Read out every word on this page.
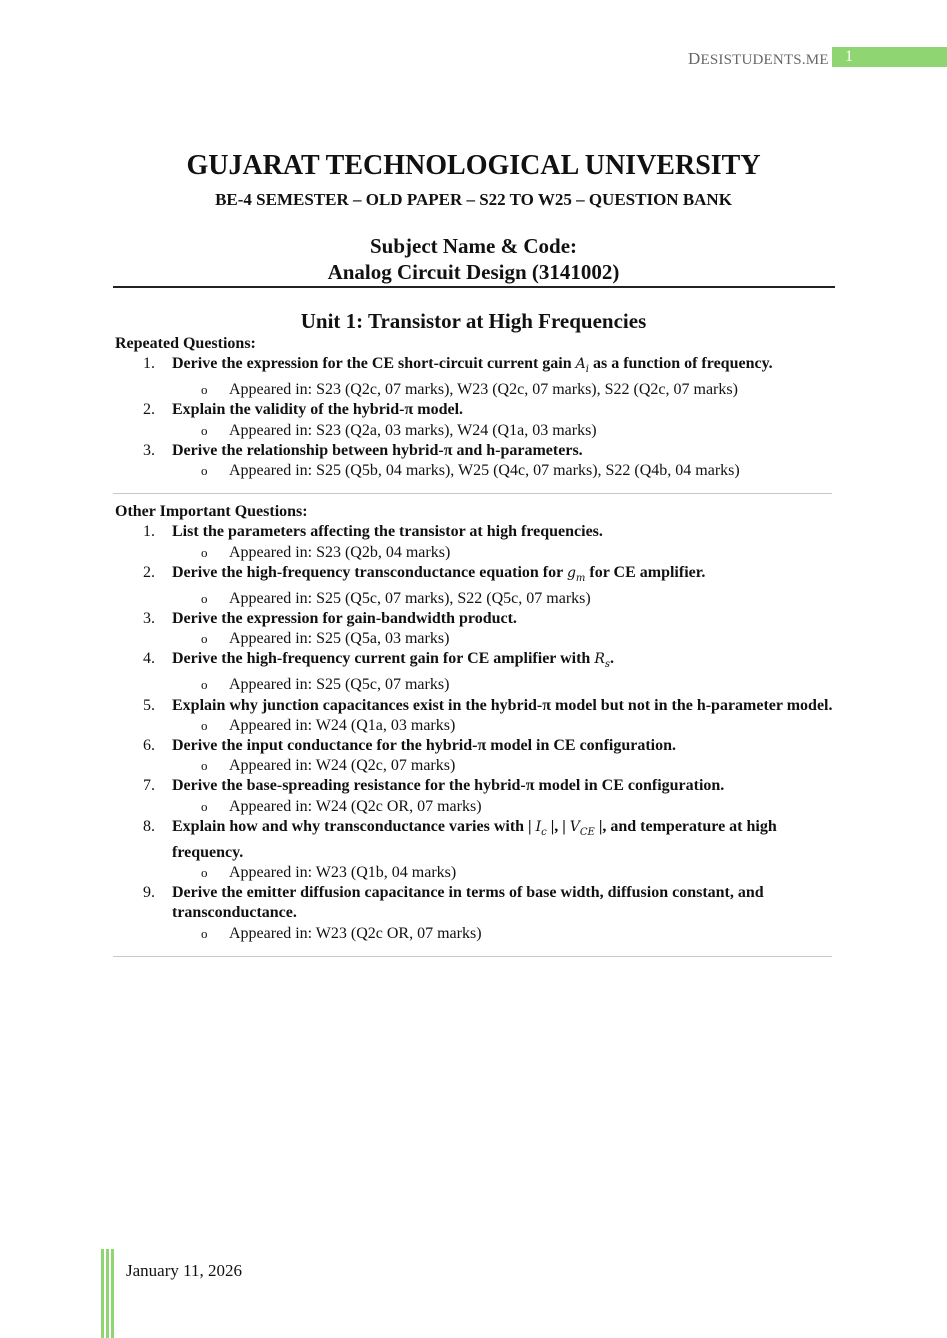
DESISTUDENTS.ME	1
GUJARAT TECHNOLOGICAL UNIVERSITY
BE-4 SEMESTER – OLD PAPER – S22 TO W25 – QUESTION BANK
Subject Name & Code:
Analog Circuit Design (3141002)
Unit 1: Transistor at High Frequencies
Repeated Questions:
1. Derive the expression for the CE short-circuit current gain $A_i$ as a function of frequency.
o Appeared in: S23 (Q2c, 07 marks), W23 (Q2c, 07 marks), S22 (Q2c, 07 marks)
2. Explain the validity of the hybrid-π model.
o Appeared in: S23 (Q2a, 03 marks), W24 (Q1a, 03 marks)
3. Derive the relationship between hybrid-π and h-parameters.
o Appeared in: S25 (Q5b, 04 marks), W25 (Q4c, 07 marks), S22 (Q4b, 04 marks)
Other Important Questions:
1. List the parameters affecting the transistor at high frequencies.
o Appeared in: S23 (Q2b, 04 marks)
2. Derive the high-frequency transconductance equation for $g_m$ for CE amplifier.
o Appeared in: S25 (Q5c, 07 marks), S22 (Q5c, 07 marks)
3. Derive the expression for gain-bandwidth product.
o Appeared in: S25 (Q5a, 03 marks)
4. Derive the high-frequency current gain for CE amplifier with $R_s$.
o Appeared in: S25 (Q5c, 07 marks)
5. Explain why junction capacitances exist in the hybrid-π model but not in the h-parameter model.
o Appeared in: W24 (Q1a, 03 marks)
6. Derive the input conductance for the hybrid-π model in CE configuration.
o Appeared in: W24 (Q2c, 07 marks)
7. Derive the base-spreading resistance for the hybrid-π model in CE configuration.
o Appeared in: W24 (Q2c OR, 07 marks)
8. Explain how and why transconductance varies with | $I_c$ |, | $V_{CE}$ |, and temperature at high frequency.
o Appeared in: W23 (Q1b, 04 marks)
9. Derive the emitter diffusion capacitance in terms of base width, diffusion constant, and transconductance.
o Appeared in: W23 (Q2c OR, 07 marks)
January 11, 2026
